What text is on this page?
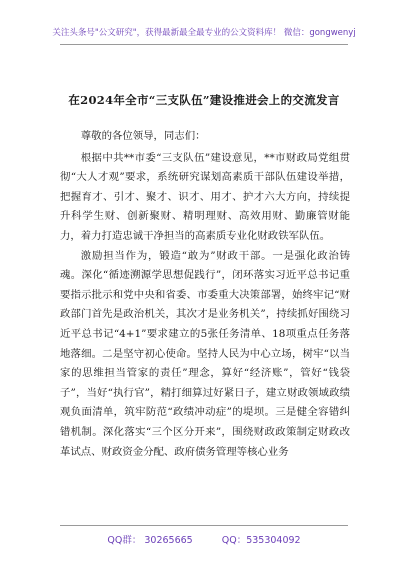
关注头条号"公文研究"，获得最新最全最专业的公文资料库！ 微信：gongwenyj
在2024年全市“三支队伍”建设推进会上的交流发言

尊敬的各位领导，同志们：

根据中共**市委“三支队伍”建设意见，**市财政局党组贯彻“大人才观”要求，系统研究谋划高素质干部队伍建设举措，把握育才、引才、聚才、识才、用才、护才六大方向，持续提升科学生财、创新聚财、精明理财、高效用财、勤廉管财能力，着力打造忠诚干净担当的高素质专业化财政铁军队伍。

激励担当作为，锻造“敢为”财政干部。一是强化政治铸魂。深化“循迹溯源学思想促践行”，闭环落实习近平总书记重要指示批示和党中央和省委、市委重大决策部署，始终牢记“财政部门首先是政治机关，其次才是业务机关”，持续抓好围绕习近平总书记“4+1”要求建立的5张任务清单、18项重点任务落地落细。二是坚守初心使命。坚持人民为中心立场，树牢“以当家的思维担当管家的责任”理念，算好“经济账”，管好“钱袋子”，当好“执行官”，精打细算过好紧日子，建立财政领域政绩观负面清单，筑牢防范“政绩冲动症”的堤坝。三是健全容错纠错机制。深化落实“三个区分开来”，围绕财政政策制定财政改革试点、财政资金分配、政府债务管理等核心业务

QQ群： 30265665	QQ：535304092
